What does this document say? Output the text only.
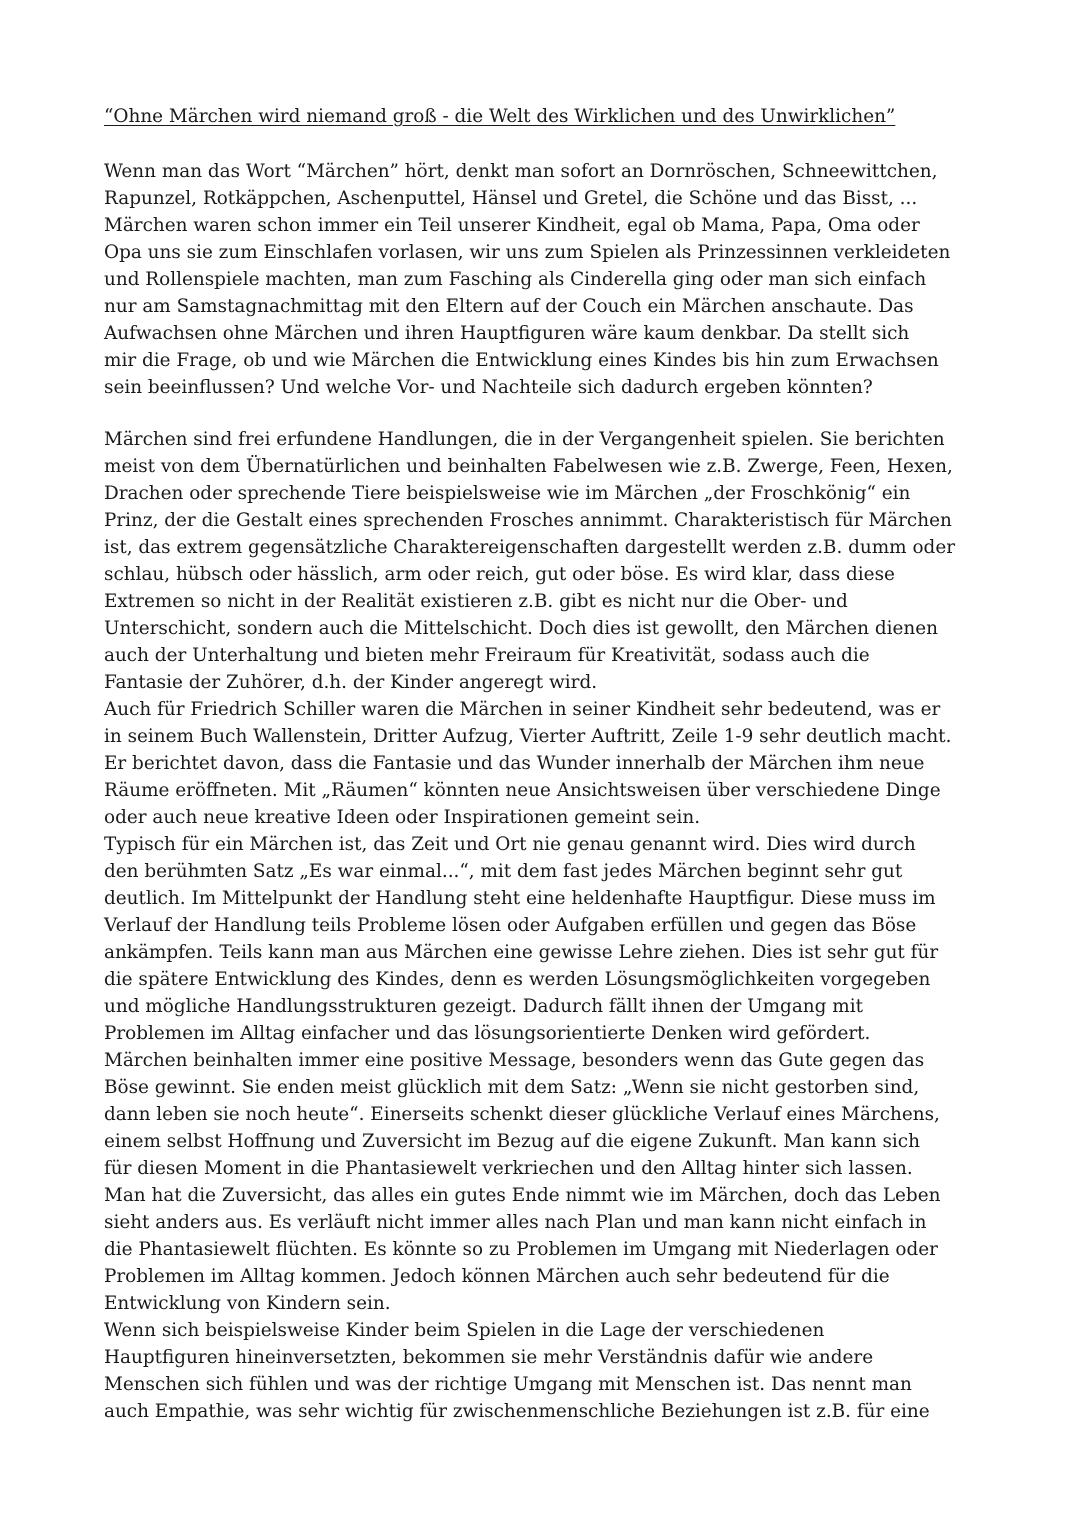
“Ohne Märchen wird niemand groß - die Welt des Wirklichen und des Unwirklichen”
Wenn man das Wort “Märchen” hört, denkt man sofort an Dornröschen, Schneewittchen,
Rapunzel, Rotkäppchen, Aschenputtel, Hänsel und Gretel, die Schöne und das Bisst, ...
Märchen waren schon immer ein Teil unserer Kindheit, egal ob Mama, Papa, Oma oder
Opa uns sie zum Einschlafen vorlasen, wir uns zum Spielen als Prinzessinnen verkleideten
und Rollenspiele machten, man zum Fasching als Cinderella ging oder man sich einfach
nur am Samstagnachmittag mit den Eltern auf der Couch ein Märchen anschaute. Das
Aufwachsen ohne Märchen und ihren Hauptfiguren wäre kaum denkbar. Da stellt sich
mir die Frage, ob und wie Märchen die Entwicklung eines Kindes bis hin zum Erwachsen
sein beeinflussen? Und welche Vor- und Nachteile sich dadurch ergeben könnten?
Märchen sind frei erfundene Handlungen, die in der Vergangenheit spielen. Sie berichten
meist von dem Übernatürlichen und beinhalten Fabelwesen wie z.B. Zwerge, Feen, Hexen,
Drachen oder sprechende Tiere beispielsweise wie im Märchen „der Froschkönig“ ein
Prinz, der die Gestalt eines sprechenden Frosches annimmt. Charakteristisch für Märchen
ist, das extrem gegensätzliche Charaktereigenschaften dargestellt werden z.B. dumm oder
schlau, hübsch oder hässlich, arm oder reich, gut oder böse. Es wird klar, dass diese
Extremen so nicht in der Realität existieren z.B. gibt es nicht nur die Ober- und
Unterschicht, sondern auch die Mittelschicht. Doch dies ist gewollt, den Märchen dienen
auch der Unterhaltung und bieten mehr Freiraum für Kreativität, sodass auch die
Fantasie der Zuhörer, d.h. der Kinder angeregt wird.
Auch für Friedrich Schiller waren die Märchen in seiner Kindheit sehr bedeutend, was er
in seinem Buch Wallenstein, Dritter Aufzug, Vierter Auftritt, Zeile 1-9 sehr deutlich macht.
Er berichtet davon, dass die Fantasie und das Wunder innerhalb der Märchen ihm neue
Räume eröffneten. Mit „Räumen“ könnten neue Ansichtsweisen über verschiedene Dinge
oder auch neue kreative Ideen oder Inspirationen gemeint sein.
Typisch für ein Märchen ist, das Zeit und Ort nie genau genannt wird. Dies wird durch
den berühmten Satz „Es war einmal...“, mit dem fast jedes Märchen beginnt sehr gut
deutlich. Im Mittelpunkt der Handlung steht eine heldenhafte Hauptfigur. Diese muss im
Verlauf der Handlung teils Probleme lösen oder Aufgaben erfüllen und gegen das Böse
ankämpfen. Teils kann man aus Märchen eine gewisse Lehre ziehen. Dies ist sehr gut für
die spätere Entwicklung des Kindes, denn es werden Lösungsmöglichkeiten vorgegeben
und mögliche Handlungsstrukturen gezeigt. Dadurch fällt ihnen der Umgang mit
Problemen im Alltag einfacher und das lösungsorientierte Denken wird gefördert.
Märchen beinhalten immer eine positive Message, besonders wenn das Gute gegen das
Böse gewinnt. Sie enden meist glücklich mit dem Satz: „Wenn sie nicht gestorben sind,
dann leben sie noch heute“. Einerseits schenkt dieser glückliche Verlauf eines Märchens,
einem selbst Hoffnung und Zuversicht im Bezug auf die eigene Zukunft. Man kann sich
für diesen Moment in die Phantasiewelt verkriechen und den Alltag hinter sich lassen.
Man hat die Zuversicht, das alles ein gutes Ende nimmt wie im Märchen, doch das Leben
sieht anders aus. Es verläuft nicht immer alles nach Plan und man kann nicht einfach in
die Phantasiewelt flüchten. Es könnte so zu Problemen im Umgang mit Niederlagen oder
Problemen im Alltag kommen. Jedoch können Märchen auch sehr bedeutend für die
Entwicklung von Kindern sein.
Wenn sich beispielsweise Kinder beim Spielen in die Lage der verschiedenen
Hauptfiguren hineinversetzten, bekommen sie mehr Verständnis dafür wie andere
Menschen sich fühlen und was der richtige Umgang mit Menschen ist. Das nennt man
auch Empathie, was sehr wichtig für zwischenmenschliche Beziehungen ist z.B. für eine
